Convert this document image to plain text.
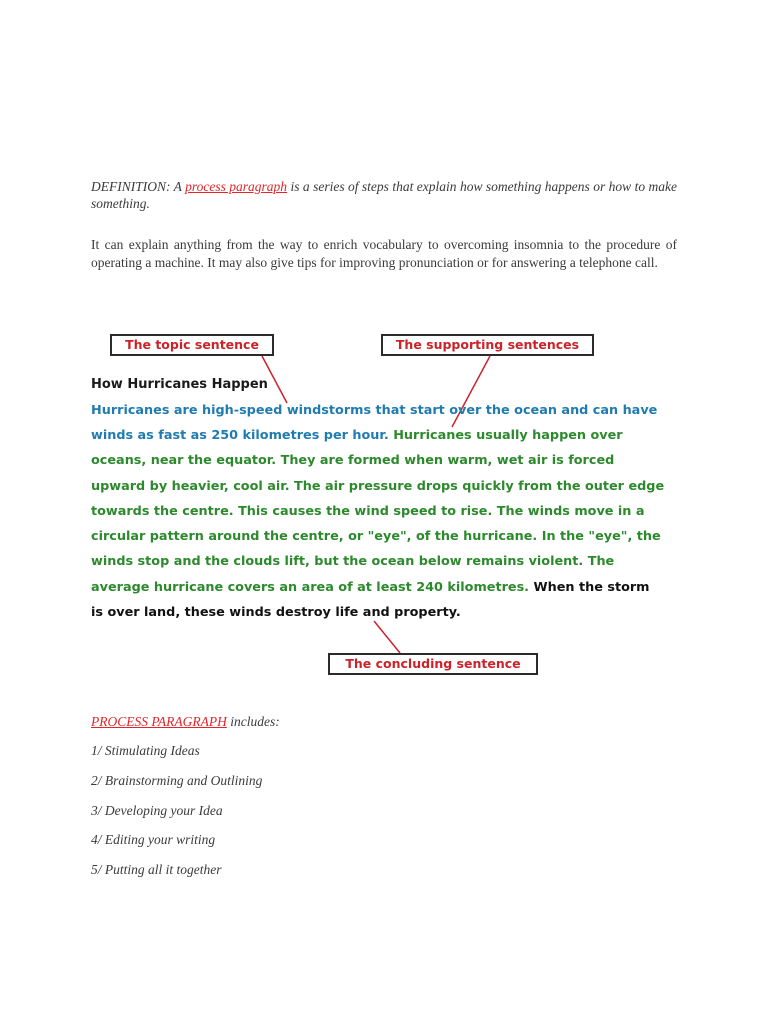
DEFINITION: A process paragraph is a series of steps that explain how something happens or how to make something.
It can explain anything from the way to enrich vocabulary to overcoming insomnia to the procedure of operating a machine. It may also give tips for improving pronunciation or for answering a telephone call.
The topic sentence	The supporting sentences
The concluding sentence
How Hurricanes Happen
Hurricanes are high-speed windstorms that start over the ocean and can have
winds as fast as 250 kilometres per hour. Hurricanes usually happen over
oceans, near the equator. They are formed when warm, wet air is forced
upward by heavier, cool air. The air pressure drops quickly from the outer edge
towards the centre. This causes the wind speed to rise. The winds move in a
circular pattern around the centre, or "eye", of the hurricane. In the "eye", the
winds stop and the clouds lift, but the ocean below remains violent. The
average hurricane covers an area of at least 240 kilometres. When the storm
is over land, these winds destroy life and property.
PROCESS PARAGRAPH includes:
1/ Stimulating Ideas
2/ Brainstorming and Outlining
3/ Developing your Idea
4/ Editing your writing
5/ Putting all it together
